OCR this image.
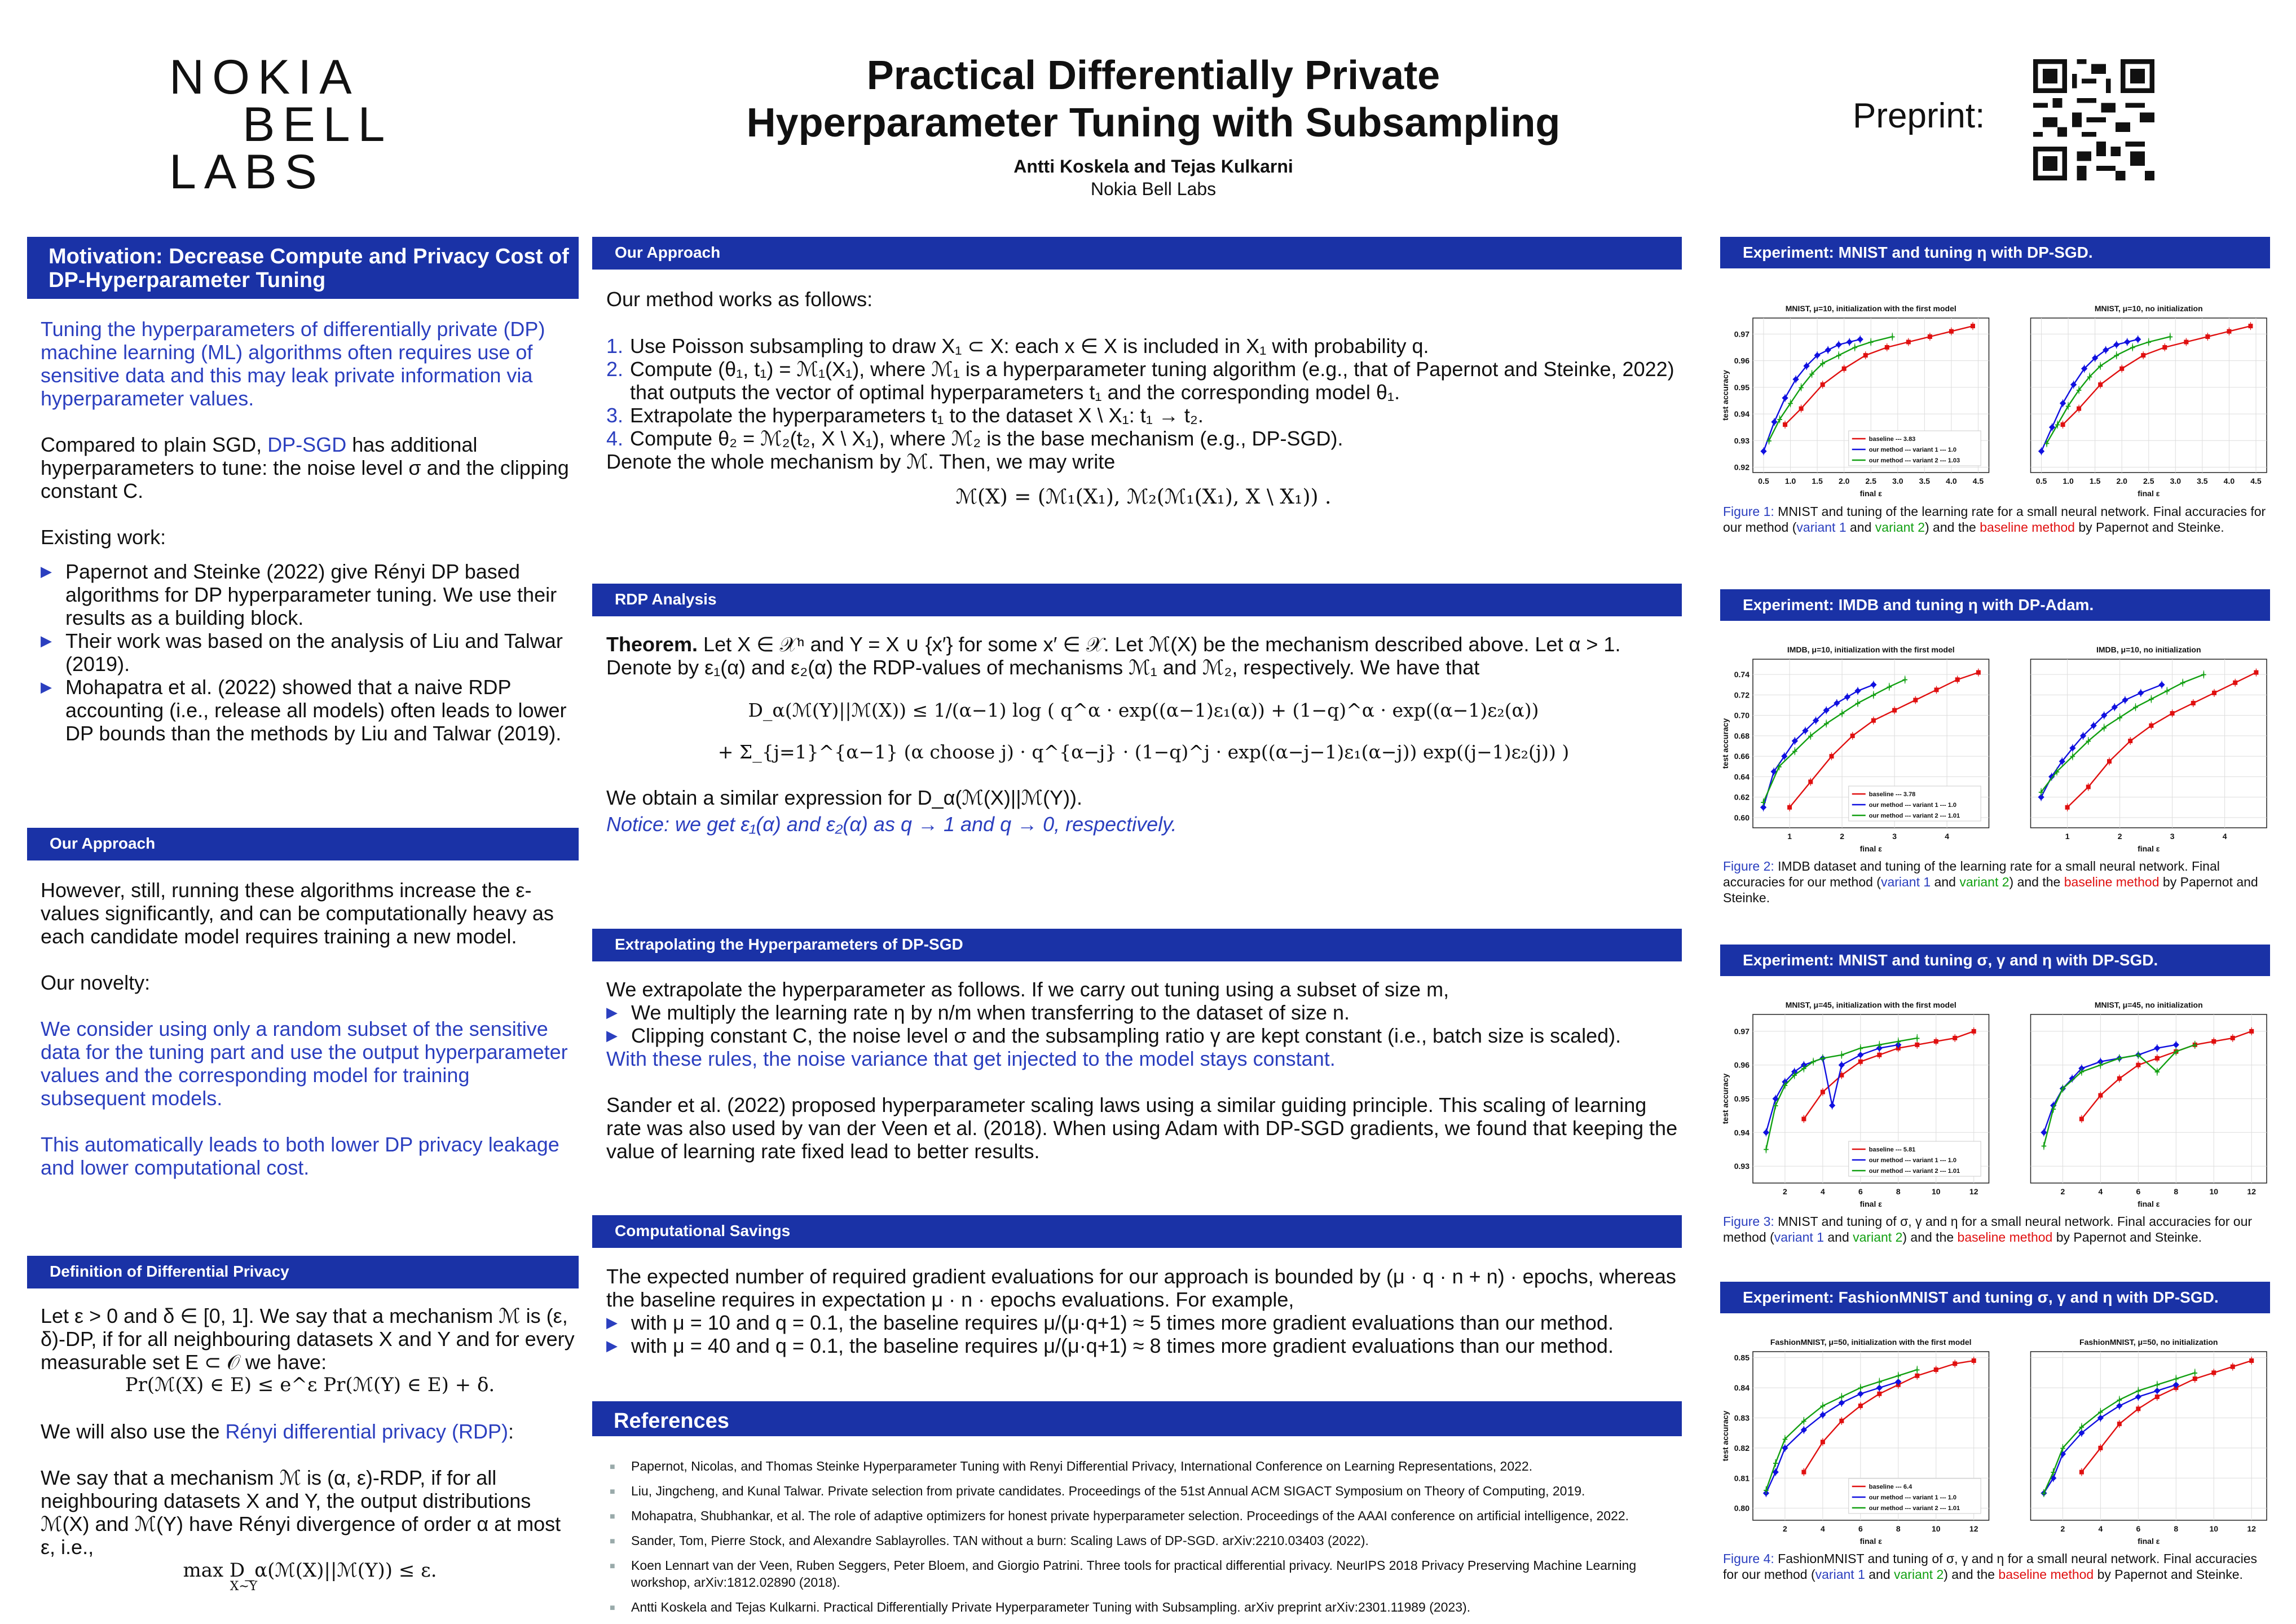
NOKIA
BELL
LABS
Practical Differentially Private
Hyperparameter Tuning with Subsampling
Antti Koskela and Tejas Kulkarni
Nokia Bell Labs
Preprint:
Motivation: Decrease Compute and Privacy Cost of DP-Hyperparameter Tuning
Tuning the hyperparameters of differentially private (DP) machine learning (ML) algorithms often requires use of sensitive data and this may leak private information via hyperparameter values.
Compared to plain SGD, DP-SGD has additional hyperparameters to tune: the noise level σ and the clipping constant C.
Existing work:
▶ Papernot and Steinke (2022) give Rényi DP based algorithms for DP hyperparameter tuning. We use their results as a building block.
▶ Their work was based on the analysis of Liu and Talwar (2019).
▶ Mohapatra et al. (2022) showed that a naive RDP accounting (i.e., release all models) often leads to lower DP bounds than the methods by Liu and Talwar (2019).
Our Approach
However, still, running these algorithms increase the ε-values significantly, and can be computationally heavy as each candidate model requires training a new model.
Our novelty:
We consider using only a random subset of the sensitive data for the tuning part and use the output hyperparameter values and the corresponding model for training subsequent models.
This automatically leads to both lower DP privacy leakage and lower computational cost.
Definition of Differential Privacy
Let ε > 0 and δ ∈ [0, 1]. We say that a mechanism ℳ is (ε, δ)-DP, if for all neighbouring datasets X and Y and for every measurable set E ⊂ 𝒪 we have:
Pr(ℳ(X) ∈ E) ≤ e^ε Pr(ℳ(Y) ∈ E) + δ.
We will also use the Rényi differential privacy (RDP):
We say that a mechanism ℳ is (α, ε)-RDP, if for all neighbouring datasets X and Y, the output distributions ℳ(X) and ℳ(Y) have Rényi divergence of order α at most ε, i.e.,
max D_α(ℳ(X)||ℳ(Y)) ≤ ε.
X∼Y
Our Approach
Our method works as follows:
1. Use Poisson subsampling to draw X₁ ⊂ X: each x ∈ X is included in X₁ with probability q.
2. Compute (θ₁, t₁) = ℳ₁(X₁), where ℳ₁ is a hyperparameter tuning algorithm (e.g., that of Papernot and Steinke, 2022) that outputs the vector of optimal hyperparameters t₁ and the corresponding model θ₁.
3. Extrapolate the hyperparameters t₁ to the dataset X \ X₁: t₁ → t₂.
4. Compute θ₂ = ℳ₂(t₂, X \ X₁), where ℳ₂ is the base mechanism (e.g., DP-SGD).
Denote the whole mechanism by ℳ. Then, we may write
ℳ(X) = (ℳ₁(X₁), ℳ₂(ℳ₁(X₁), X \ X₁)) .
RDP Analysis
Theorem. Let X ∈ 𝒳ⁿ and Y = X ∪ {x′} for some x′ ∈ 𝒳. Let ℳ(X) be the mechanism described above. Let α > 1. Denote by ε₁(α) and ε₂(α) the RDP-values of mechanisms ℳ₁ and ℳ₂, respectively. We have that
D_α(ℳ(Y)||ℳ(X)) ≤ 1/(α−1) log ( q^α · exp((α−1)ε₁(α)) + (1−q)^α · exp((α−1)ε₂(α))
+ Σ_{j=1}^{α−1} (α choose j) · q^{α−j} · (1−q)^j · exp((α−j−1)ε₁(α−j)) exp((j−1)ε₂(j)) )
We obtain a similar expression for D_α(ℳ(X)||ℳ(Y)).
Notice: we get ε₁(α) and ε₂(α) as q → 1 and q → 0, respectively.
Extrapolating the Hyperparameters of DP-SGD
We extrapolate the hyperparameter as follows. If we carry out tuning using a subset of size m,
▶ We multiply the learning rate η by n/m when transferring to the dataset of size n.
▶ Clipping constant C, the noise level σ and the subsampling ratio γ are kept constant (i.e., batch size is scaled).
With these rules, the noise variance that get injected to the model stays constant.
Sander et al. (2022) proposed hyperparameter scaling laws using a similar guiding principle. This scaling of learning rate was also used by van der Veen et al. (2018). When using Adam with DP-SGD gradients, we found that keeping the value of learning rate fixed lead to better results.
Computational Savings
The expected number of required gradient evaluations for our approach is bounded by (μ · q · n + n) · epochs, whereas the baseline requires in expectation μ · n · epochs evaluations. For example,
▶ with μ = 10 and q = 0.1, the baseline requires μ/(μ·q+1) ≈ 5 times more gradient evaluations than our method.
▶ with μ = 40 and q = 0.1, the baseline requires μ/(μ·q+1) ≈ 8 times more gradient evaluations than our method.
References
■ Papernot, Nicolas, and Thomas Steinke Hyperparameter Tuning with Renyi Differential Privacy, International Conference on Learning Representations, 2022.
■ Liu, Jingcheng, and Kunal Talwar. Private selection from private candidates. Proceedings of the 51st Annual ACM SIGACT Symposium on Theory of Computing, 2019.
■ Mohapatra, Shubhankar, et al. The role of adaptive optimizers for honest private hyperparameter selection. Proceedings of the AAAI conference on artificial intelligence, 2022.
■ Sander, Tom, Pierre Stock, and Alexandre Sablayrolles. TAN without a burn: Scaling Laws of DP-SGD. arXiv:2210.03403 (2022).
■ Koen Lennart van der Veen, Ruben Seggers, Peter Bloem, and Giorgio Patrini. Three tools for practical differential privacy. NeurIPS 2018 Privacy Preserving Machine Learning workshop, arXiv:1812.02890 (2018).
■ Antti Koskela and Tejas Kulkarni. Practical Differentially Private Hyperparameter Tuning with Subsampling. arXiv preprint arXiv:2301.11989 (2023).
Experiment: MNIST and tuning η with DP-SGD.
MNIST, μ=10, initialization with the first model
0.92
0.93
0.94
0.95
0.96
0.97
0.5 1.0 1.5 2.0 2.5 3.0 3.5 4.0 4.5
final ε
test accuracy
+
+
+
+
+
+
+
+ + +
baseline --- 3.83
our method --- variant 1 --- 1.0
our method --- variant 2 --- 1.03
MNIST, μ=10, no initialization
0.5 1.0 1.5 2.0 2.5 3.0 3.5 4.0 4.5
final ε
+
+
+
+
+
+
+
+ + +
Figure 1: MNIST and tuning of the learning rate for a small neural network. Final accuracies for our method (variant 1 and variant 2) and the baseline method by Papernot and Steinke.
Experiment: IMDB and tuning η with DP-Adam.
IMDB, μ=10, initialization with the first model
0.60
0.62
0.64
0.66
0.68
0.70
0.72
0.74
1	2	3	4
final ε
test accuracy
+
+
+
+
+
+
+
+
+
+
baseline --- 3.78
our method --- variant 1 --- 1.0
our method --- variant 2 --- 1.01
IMDB, μ=10, no initialization
1	2	3	4
final ε
+
+
+
+
+
+
+
+
+
+
+
Figure 2: IMDB dataset and tuning of the learning rate for a small neural network. Final accuracies for our method (variant 1 and variant 2) and the baseline method by Papernot and Steinke.
Experiment: MNIST and tuning σ, γ and η with DP-SGD.
MNIST, μ=45, initialization with the first model
0.93
0.94
0.95
0.96
0.97
2	4	6	8	10	12
final ε
test accuracy
+
+
+
+
+
+ + +
+ + + +
baseline --- 5.81
our method --- variant 1 --- 1.0
our method --- variant 2 --- 1.01
MNIST, μ=45, no initialization
2	4	6	8	10	12
final ε
+
+
+
+
+
+ +
+
+
+
Figure 3: MNIST and tuning of σ, γ and η for a small neural network. Final accuracies for our method (variant 1 and variant 2) and the baseline method by Papernot and Steinke.
Experiment: FashionMNIST and tuning σ, γ and η with DP-SGD.
FashionMNIST, μ=50, initialization with the first model
0.80
0.81
0.82
0.83
0.84
0.85
2	4	6	8	10	12
final ε
test accuracy
+
+
+
+
+
+
+
+
+
+
baseline --- 6.4
our method --- variant 1 --- 1.0
our method --- variant 2 --- 1.01
FashionMNIST, μ=50, no initialization
2	4	6	8	10	12
final ε
+
+
+
+
+
+
+
+
+
+
Figure 4: FashionMNIST and tuning of σ, γ and η for a small neural network. Final accuracies for our method (variant 1 and variant 2) and the baseline method by Papernot and Steinke.
